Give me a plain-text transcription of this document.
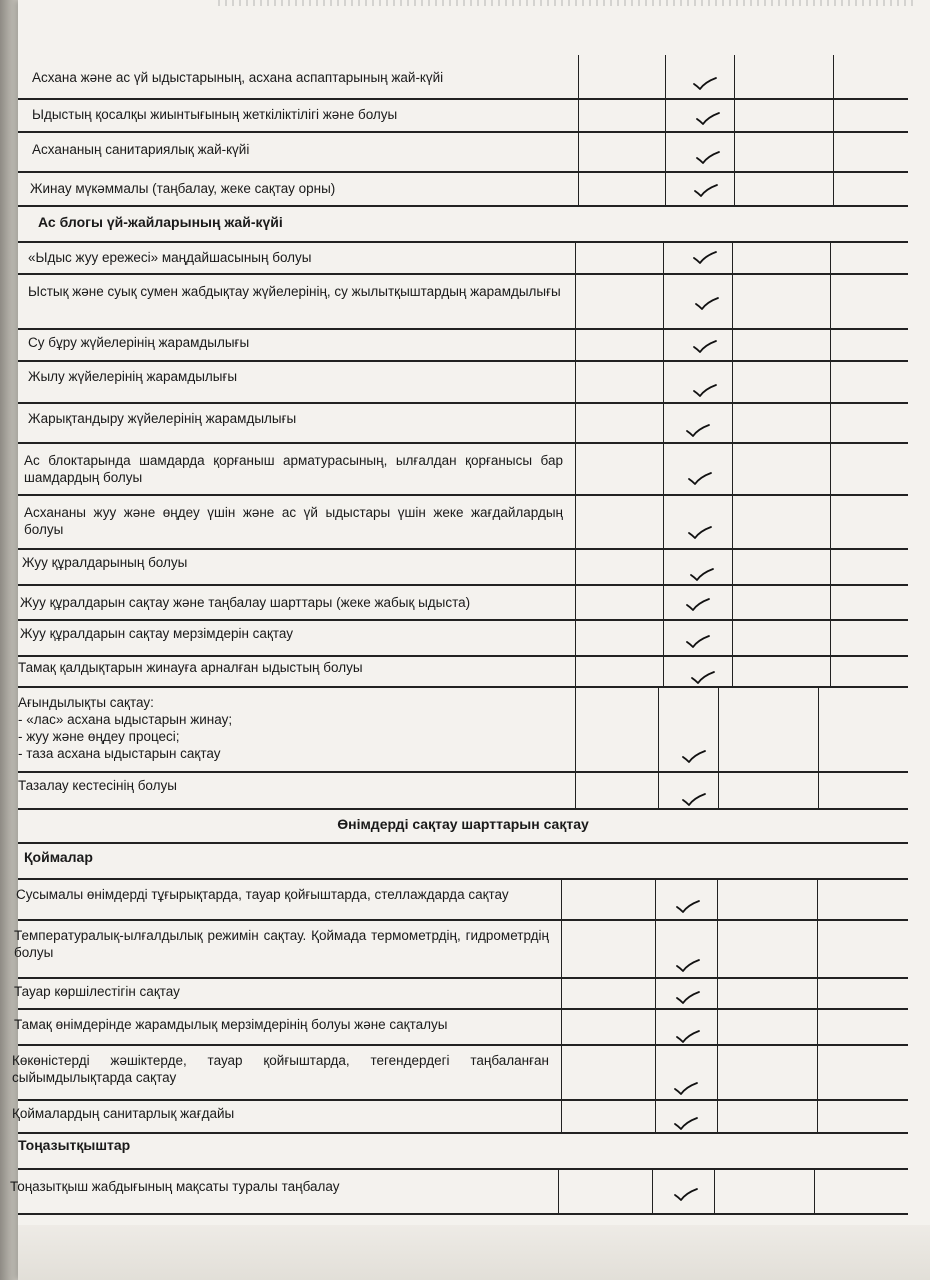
Асхана және ас үй ыдыстарының, асхана аспаптарының жай-күйі
Ыдыстың қосалқы жиынтығының жеткіліктілігі және болуы
Асхананың санитариялық жай-күйі
Жинау мүкәммалы (таңбалау, жеке сақтау орны)
Ас блогы үй-жайларының жай-күйі
«Ыдыс жуу ережесі» маңдайшасының болуы
Ыстық және суық сумен жабдықтау жүйелерінің, су жылытқыштардың жарамдылығы
Су бұру жүйелерінің жарамдылығы
Жылу жүйелерінің жарамдылығы
Жарықтандыру жүйелерінің жарамдылығы
Ас блоктарында шамдарда қорғаныш арматурасының, ылғалдан қорғанысы бар шамдардың болуы
Асхананы жуу және өңдеу үшін және ас үй ыдыстары үшін жеке жағдайлардың болуы
Жуу құралдарының болуы
Жуу құралдарын сақтау және таңбалау шарттары (жеке жабық ыдыста)
Жуу құралдарын сақтау мерзімдерін сақтау
Тамақ қалдықтарын жинауға арналған ыдыстың болуы
Ағындылықты сақтау:
- «лас» асхана ыдыстарын жинау;
- жуу және өңдеу процесі;
- таза асхана ыдыстарын сақтау
Тазалау кестесінің болуы
Өнімдерді сақтау шарттарын сақтау
Қоймалар
Сусымалы өнімдерді тұғырықтарда, тауар қойғыштарда, стеллаждарда сақтау
Температуралық-ылғалдылық режимін сақтау. Қоймада термометрдің, гидрометрдің болуы
Тауар көршілестігін сақтау
Тамақ өнімдерінде жарамдылық мерзімдерінің болуы және сақталуы
Көкөністерді жәшіктерде, тауар қойғыштарда, тегендердегі таңбаланған сыйымдылықтарда сақтау
Қоймалардың санитарлық жағдайы
Тоңазытқыштар
Тоңазытқыш жабдығының мақсаты туралы таңбалау
